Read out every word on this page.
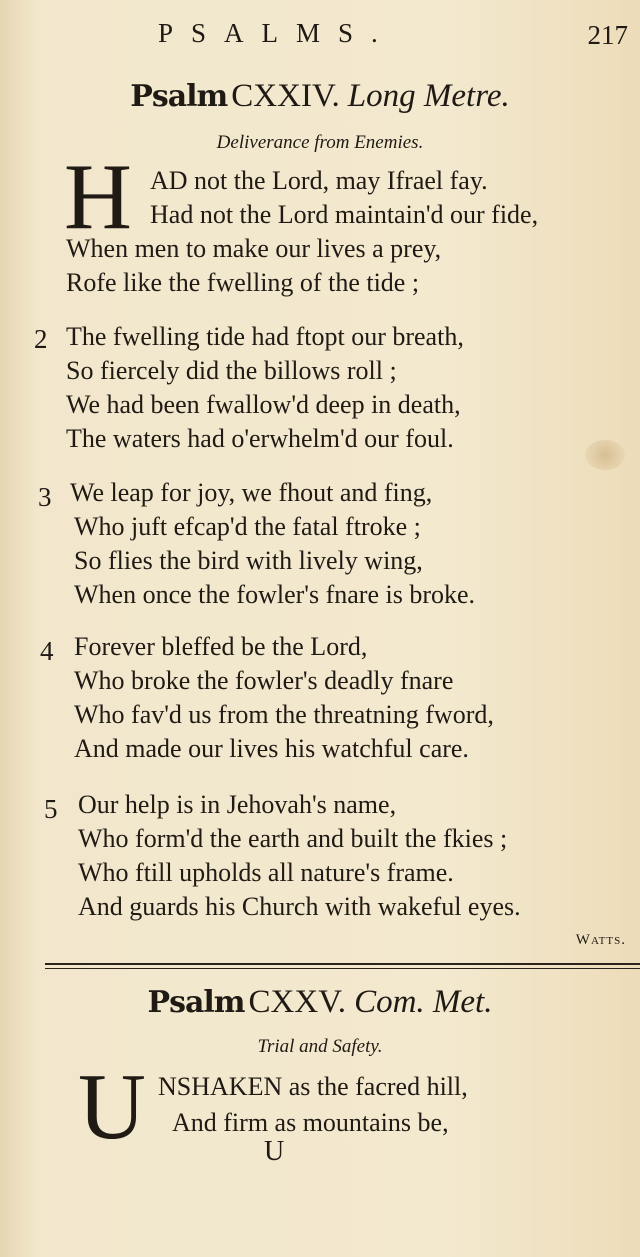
PSALMS.	217
Psalm CXXIV. Long Metre.
Deliverance from Enemies.
H AD not the Lord, may Ifrael fay.
Had not the Lord maintain'd our fide,
When men to make our lives a prey,
Rofe like the fwelling of the tide ;
2 The fwelling tide had ftopt our breath,
So fiercely did the billows roll ;
We had been fwallow'd deep in death,
The waters had o'erwhelm'd our foul.
3 We leap for joy, we fhout and fing,
Who juft efcap'd the fatal ftroke ;
So flies the bird with lively wing,
When once the fowler's fnare is broke.
4 Forever bleffed be the Lord,
Who broke the fowler's deadly fnare
Who fav'd us from the threatning fword,
And made our lives his watchful care.
5 Our help is in Jehovah's name,
Who form'd the earth and built the fkies ;
Who ftill upholds all nature's frame.
And guards his Church with wakeful eyes.
Watts.
Psalm CXXV. Com. Met.
Trial and Safety.
U NSHAKEN as the facred hill,
And firm as mountains be,
U
